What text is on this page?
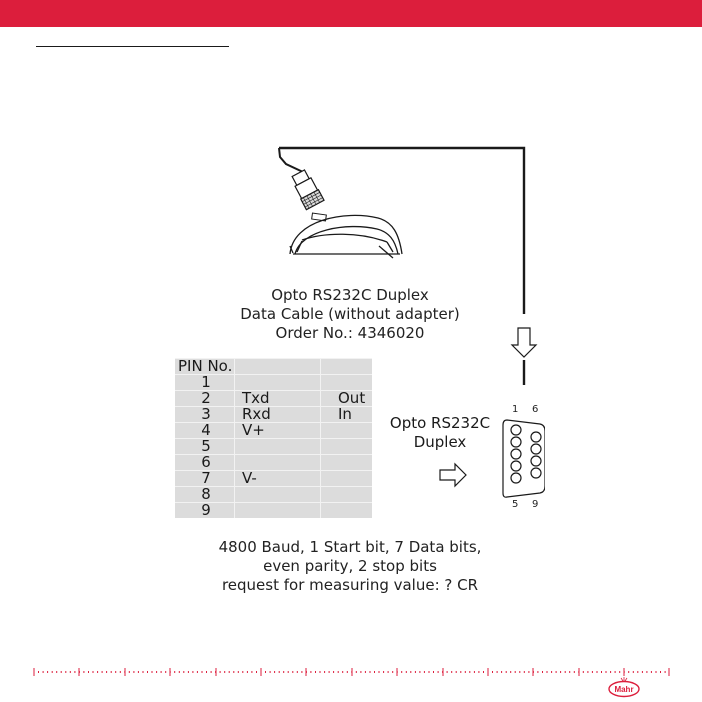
Opto RS232C Duplex
Data Cable (without adapter)
Order No.: 4346020
PIN No.
1
2	Txd	Out
3	Rxd	In
4	V+
5
6
7	V-
8
9
Opto RS232C
Duplex
1 6
5 9
4800 Baud, 1 Start bit, 7 Data bits,
even parity, 2 stop bits
request for measuring value: ? CR
Mahr
